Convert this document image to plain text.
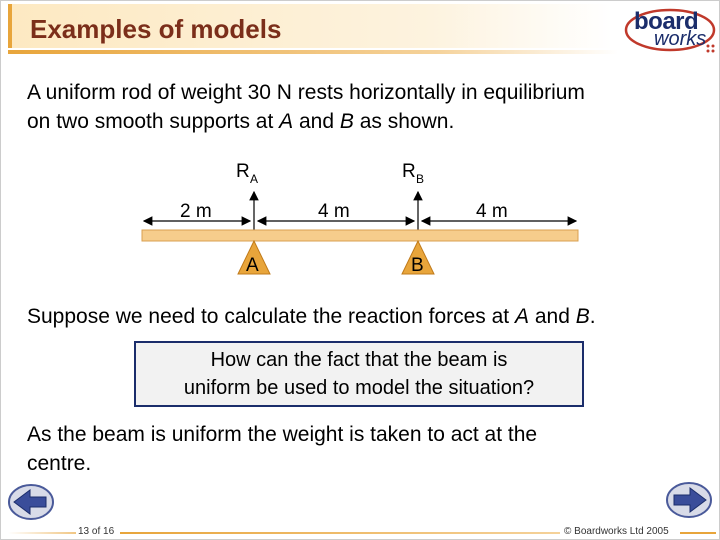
Examples of models	board
works

A uniform rod of weight 30 N rests horizontally in equilibrium
on two smooth supports at A and B as shown.

R A	R B
2 m	4 m	4 m
A	B

Suppose we need to calculate the reaction forces at A and B.

How can the fact that the beam is
uniform be used to model the situation?

As the beam is uniform the weight is taken to act at the
centre.

13 of 16	© Boardworks Ltd 2005
